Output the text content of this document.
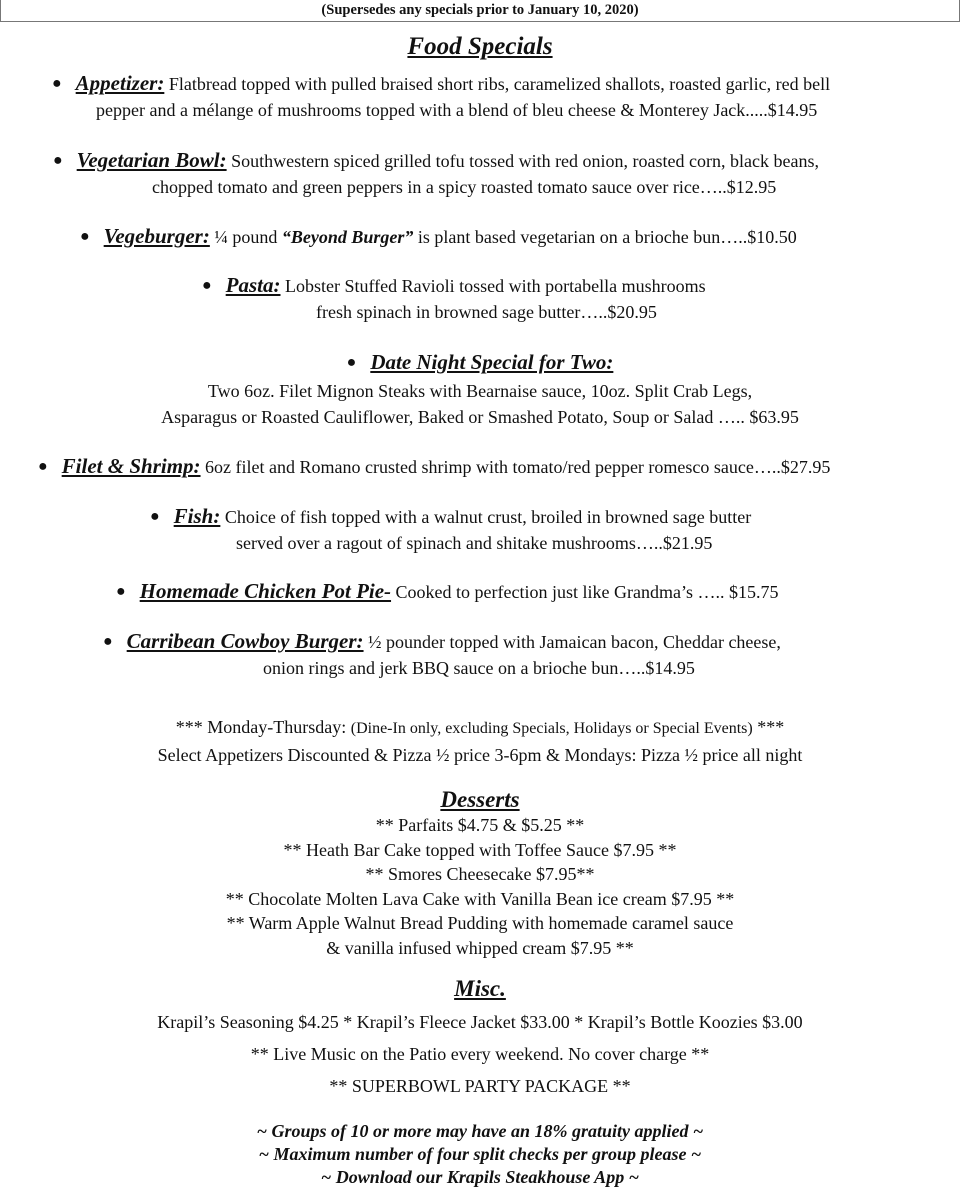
(Supersedes any specials prior to January 10, 2020)
Food Specials
● Appetizer: Flatbread topped with pulled braised short ribs, caramelized shallots, roasted garlic, red bell
pepper and a mélange of mushrooms topped with a blend of bleu cheese & Monterey Jack.....$14.95
● Vegetarian Bowl: Southwestern spiced grilled tofu tossed with red onion, roasted corn, black beans,
chopped tomato and green peppers in a spicy roasted tomato sauce over rice…..$12.95
● Vegeburger: ¼ pound “Beyond Burger” is plant based vegetarian on a brioche bun…..$10.50
● Pasta: Lobster Stuffed Ravioli tossed with portabella mushrooms
fresh spinach in browned sage butter…..$20.95
● Date Night Special for Two:
Two 6oz. Filet Mignon Steaks with Bearnaise sauce, 10oz. Split Crab Legs,
Asparagus or Roasted Cauliflower, Baked or Smashed Potato, Soup or Salad ….. $63.95
● Filet & Shrimp: 6oz filet and Romano crusted shrimp with tomato/red pepper romesco sauce…..$27.95
● Fish: Choice of fish topped with a walnut crust, broiled in browned sage butter
served over a ragout of spinach and shitake mushrooms…..$21.95
● Homemade Chicken Pot Pie- Cooked to perfection just like Grandma’s ….. $15.75
● Carribean Cowboy Burger: ½ pounder topped with Jamaican bacon, Cheddar cheese,
onion rings and jerk BBQ sauce on a brioche bun…..$14.95
*** Monday-Thursday: (Dine-In only, excluding Specials, Holidays or Special Events) ***
Select Appetizers Discounted & Pizza ½ price 3-6pm & Mondays: Pizza ½ price all night
Desserts
** Parfaits $4.75 & $5.25 **
** Heath Bar Cake topped with Toffee Sauce $7.95 **
** Smores Cheesecake $7.95**
** Chocolate Molten Lava Cake with Vanilla Bean ice cream $7.95 **
** Warm Apple Walnut Bread Pudding with homemade caramel sauce
& vanilla infused whipped cream $7.95 **
Misc.
Krapil’s Seasoning $4.25 * Krapil’s Fleece Jacket $33.00 * Krapil’s Bottle Koozies $3.00
** Live Music on the Patio every weekend. No cover charge **
** SUPERBOWL PARTY PACKAGE **
~ Groups of 10 or more may have an 18% gratuity applied ~
~ Maximum number of four split checks per group please ~
~ Download our Krapils Steakhouse App ~
